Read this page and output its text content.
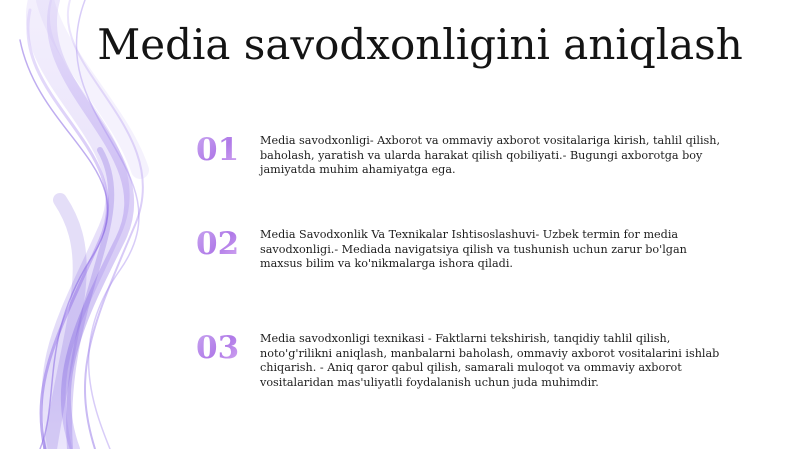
Media savodxonligini aniqlash
01	Media savodxonligi- Axborot va ommaviy axborot vositalariga kirish, tahlil qilish, baholash, yaratish va ularda harakat qilish qobiliyati.- Bugungi axborotga boy jamiyatda muhim ahamiyatga ega.
02	Media Savodxonlik Va Texnikalar Ishtisoslashuvi- Uzbek termin for media savodxonligi.- Mediada navigatsiya qilish va tushunish uchun zarur bo'lgan maxsus bilim va ko'nikmalarga ishora qiladi.
03	Media savodxonligi texnikasi - Faktlarni tekshirish, tanqidiy tahlil qilish, noto'g'rilikni aniqlash, manbalarni baholash, ommaviy axborot vositalarini ishlab chiqarish. - Aniq qaror qabul qilish, samarali muloqot va ommaviy axborot vositalaridan mas'uliyatli foydalanish uchun juda muhimdir.
